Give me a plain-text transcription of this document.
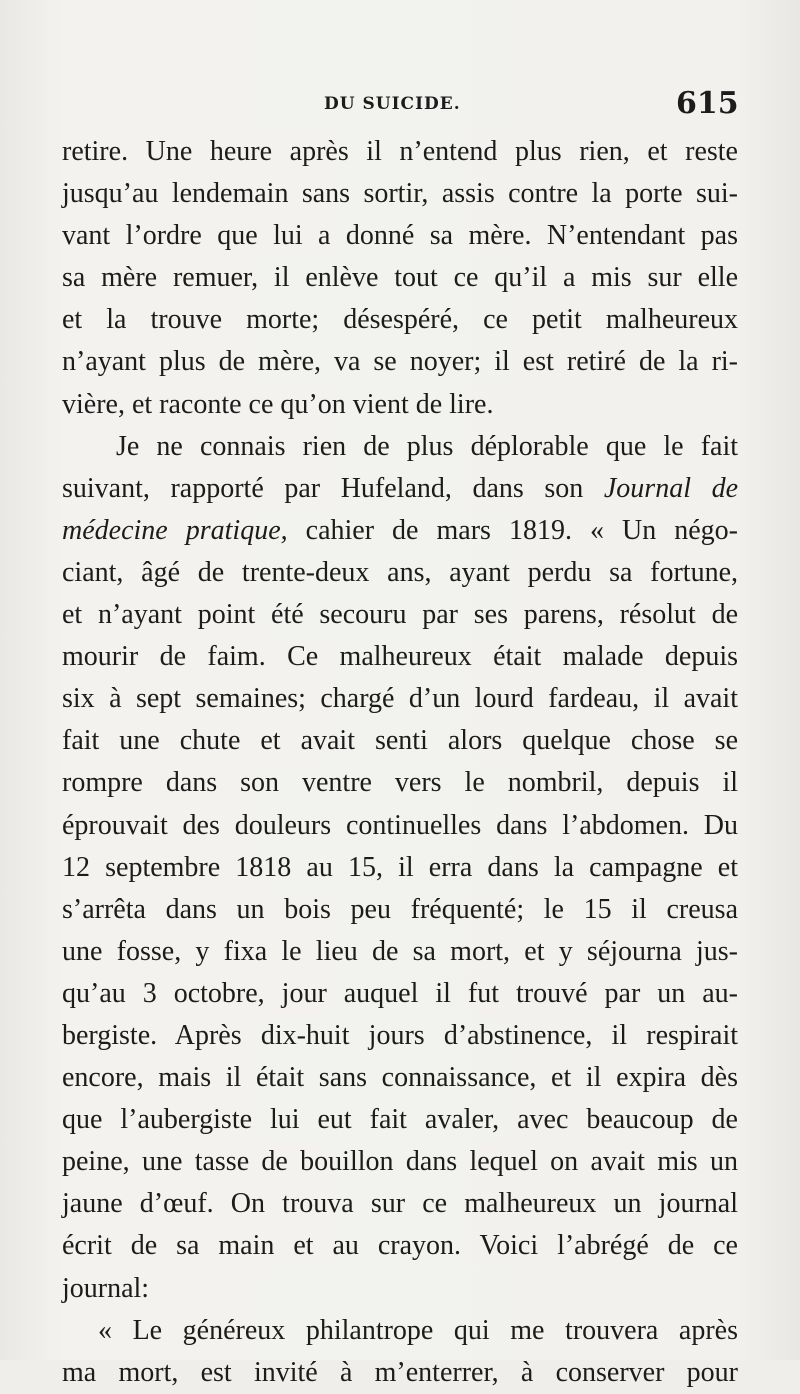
DU SUICIDE.	615
retire. Une heure après il n’entend plus rien, et reste
jusqu’au lendemain sans sortir, assis contre la porte sui-
vant l’ordre que lui a donné sa mère. N’entendant pas
sa mère remuer, il enlève tout ce qu’il a mis sur elle
et la trouve morte; désespéré, ce petit malheureux
n’ayant plus de mère, va se noyer; il est retiré de la ri-
vière, et raconte ce qu’on vient de lire.
Je ne connais rien de plus déplorable que le fait
suivant, rapporté par Hufeland, dans son Journal de
médecine pratique, cahier de mars 1819. « Un négo-
ciant, âgé de trente-deux ans, ayant perdu sa fortune,
et n’ayant point été secouru par ses parens, résolut de
mourir de faim. Ce malheureux était malade depuis
six à sept semaines; chargé d’un lourd fardeau, il avait
fait une chute et avait senti alors quelque chose se
rompre dans son ventre vers le nombril, depuis il
éprouvait des douleurs continuelles dans l’abdomen. Du
12 septembre 1818 au 15, il erra dans la campagne et
s’arrêta dans un bois peu fréquenté; le 15 il creusa
une fosse, y fixa le lieu de sa mort, et y séjourna jus-
qu’au 3 octobre, jour auquel il fut trouvé par un au-
bergiste. Après dix-huit jours d’abstinence, il respirait
encore, mais il était sans connaissance, et il expira dès
que l’aubergiste lui eut fait avaler, avec beaucoup de
peine, une tasse de bouillon dans lequel on avait mis un
jaune d’œuf. On trouva sur ce malheureux un journal
écrit de sa main et au crayon. Voici l’abrégé de ce
journal:
« Le généreux philantrope qui me trouvera après
ma mort, est invité à m’enterrer, à conserver pour
